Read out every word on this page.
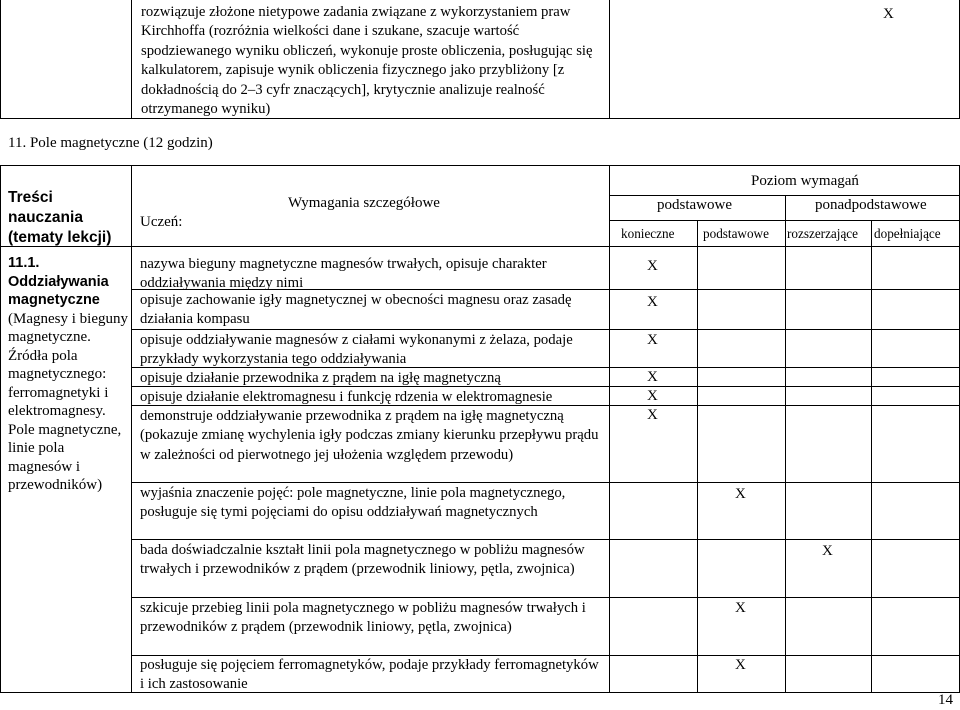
rozwiązuje złożone nietypowe zadania związane z wykorzystaniem praw Kirchhoffa (rozróżnia wielkości dane i szukane, szacuje wartość spodziewanego wyniku obliczeń, wykonuje proste obliczenia, posługując się kalkulatorem, zapisuje wynik obliczenia fizycznego jako przybliżony [z dokładnością do 2–3 cyfr znaczących], krytycznie analizuje realność otrzymanego wyniku)
X
11. Pole magnetyczne (12 godzin)
Treści nauczania (tematy lekcji)
Wymagania szczegółowe
Uczeń:
Poziom wymagań
podstawowe	ponadpodstawowe
konieczne podstawowe rozszerzające dopełniające
11.1.
Oddziaływania magnetyczne
(Magnesy i bieguny magnetyczne. Źródła pola magnetycznego: ferromagnetyki i elektromagnesy. Pole magnetyczne, linie pola magnesów i przewodników)
nazywa bieguny magnetyczne magnesów trwałych, opisuje charakter oddziaływania między nimi
opisuje zachowanie igły magnetycznej w obecności magnesu oraz zasadę działania kompasu
opisuje oddziaływanie magnesów z ciałami wykonanymi z żelaza, podaje przykłady wykorzystania tego oddziaływania
opisuje działanie przewodnika z prądem na igłę magnetyczną
opisuje działanie elektromagnesu i funkcję rdzenia w elektromagnesie
demonstruje oddziaływanie przewodnika z prądem na igłę magnetyczną (pokazuje zmianę wychylenia igły podczas zmiany kierunku przepływu prądu w zależności od pierwotnego jej ułożenia względem przewodu)
wyjaśnia znaczenie pojęć: pole magnetyczne, linie pola magnetycznego, posługuje się tymi pojęciami do opisu oddziaływań magnetycznych
bada doświadczalnie kształt linii pola magnetycznego w pobliżu magnesów trwałych i przewodników z prądem (przewodnik liniowy, pętla, zwojnica)
szkicuje przebieg linii pola magnetycznego w pobliżu magnesów trwałych i przewodników z prądem (przewodnik liniowy, pętla, zwojnica)
posługuje się pojęciem ferromagnetyków, podaje przykłady ferromagnetyków i ich zastosowanie
X
X
X
X
X
X
X
X
X
X
14
